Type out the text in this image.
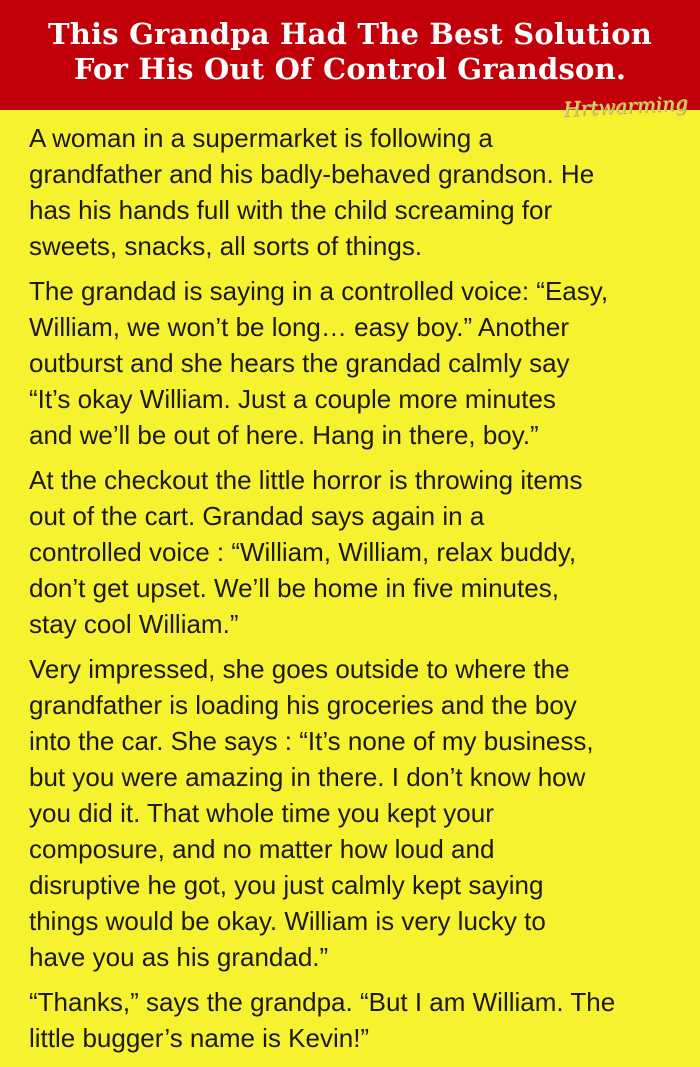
This Grandpa Had The Best Solution
For His Out Of Control Grandson.
Hrtwarming

A woman in a supermarket is following a
grandfather and his badly-behaved grandson. He
has his hands full with the child screaming for
sweets, snacks, all sorts of things.

The grandad is saying in a controlled voice: “Easy,
William, we won’t be long… easy boy.” Another
outburst and she hears the grandad calmly say
“It’s okay William. Just a couple more minutes
and we’ll be out of here. Hang in there, boy.”

At the checkout the little horror is throwing items
out of the cart. Grandad says again in a
controlled voice : “William, William, relax buddy,
don’t get upset. We’ll be home in five minutes,
stay cool William.”

Very impressed, she goes outside to where the
grandfather is loading his groceries and the boy
into the car. She says : “It’s none of my business,
but you were amazing in there. I don’t know how
you did it. That whole time you kept your
composure, and no matter how loud and
disruptive he got, you just calmly kept saying
things would be okay. William is very lucky to
have you as his grandad.”

“Thanks,” says the grandpa. “But I am William. The
little bugger’s name is Kevin!”
